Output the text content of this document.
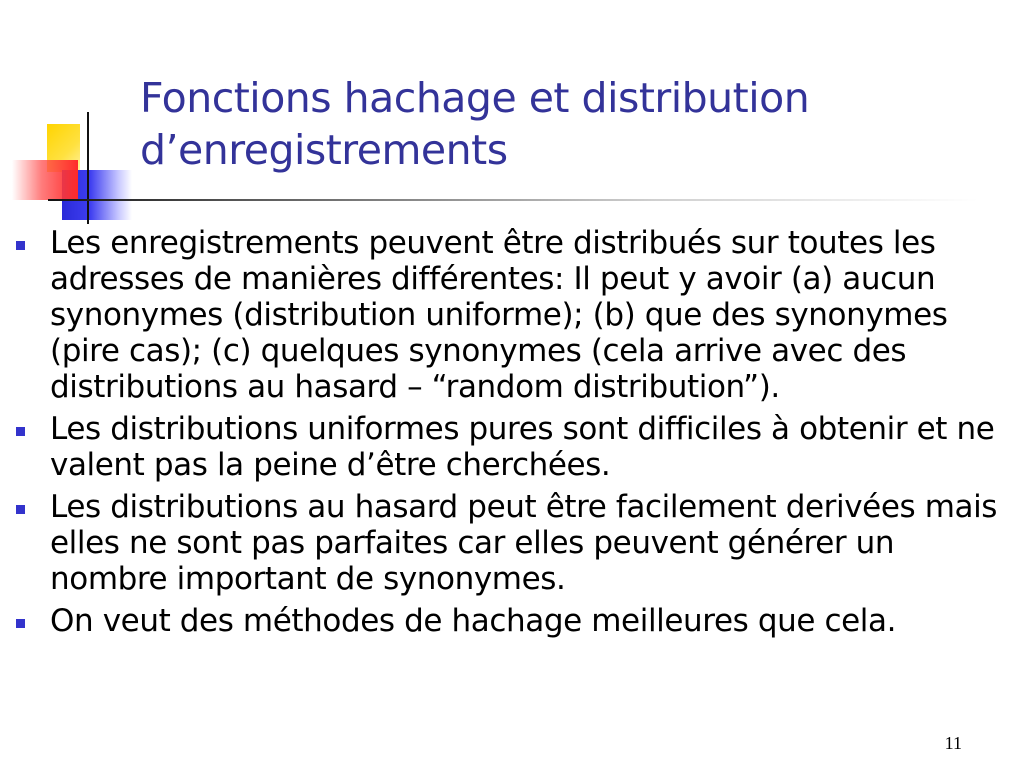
Fonctions hachage et distribution d’enregistrements
Les enregistrements peuvent être distribués sur toutes les adresses de manières différentes: Il peut y avoir (a) aucun synonymes (distribution uniforme); (b) que des synonymes (pire cas); (c) quelques synonymes (cela arrive avec des distributions au hasard – “random distribution”).
Les distributions uniformes pures sont difficiles à obtenir et ne valent pas la peine d’être cherchées.
Les distributions au hasard peut être facilement derivées mais elles ne sont pas parfaites car elles peuvent générer un nombre important de synonymes.
On veut des méthodes de hachage meilleures que cela.
11
